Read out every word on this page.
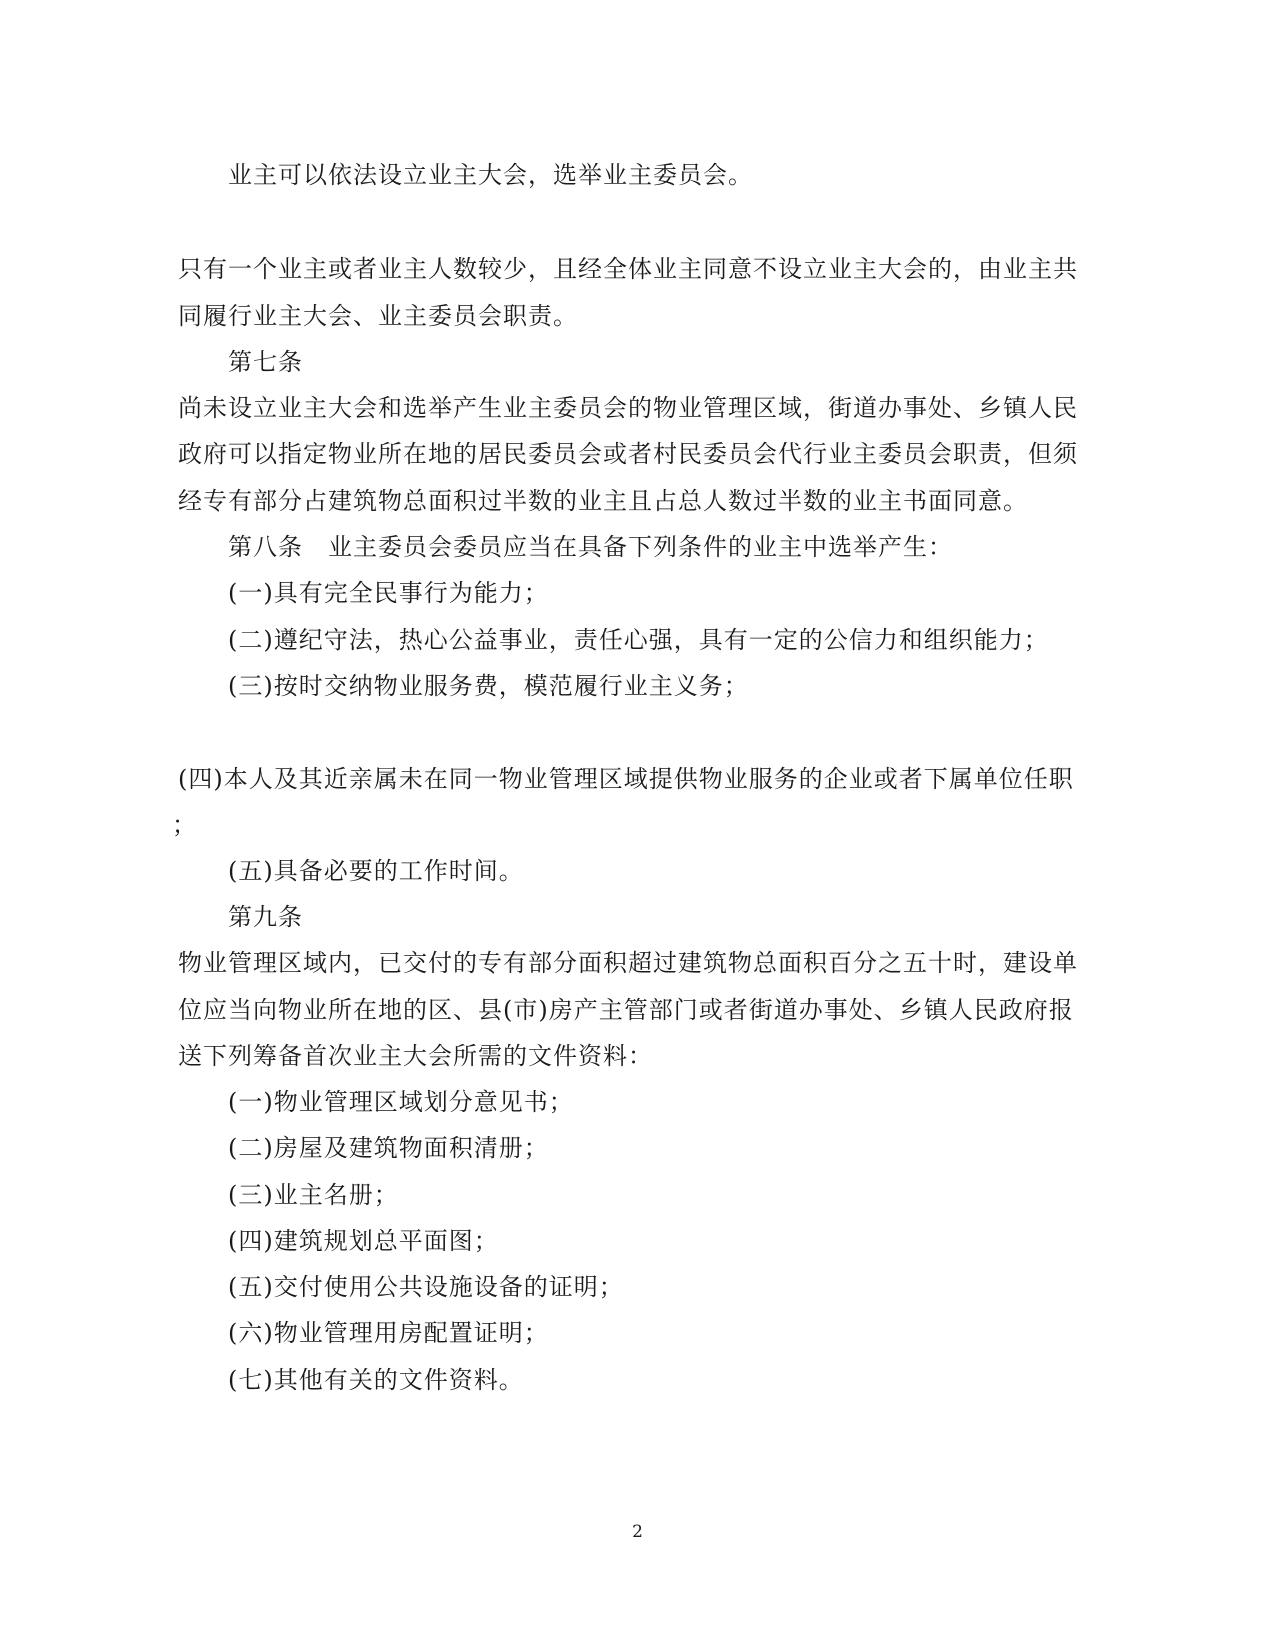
业主可以依法设立业主大会，选举业主委员会。

只有一个业主或者业主人数较少，且经全体业主同意不设立业主大会的，由业主共

同履行业主大会、业主委员会职责。

第七条

尚未设立业主大会和选举产生业主委员会的物业管理区域，街道办事处、乡镇人民

政府可以指定物业所在地的居民委员会或者村民委员会代行业主委员会职责，但须

经专有部分占建筑物总面积过半数的业主且占总人数过半数的业主书面同意。

第八条　业主委员会委员应当在具备下列条件的业主中选举产生：

(一)具有完全民事行为能力；

(二)遵纪守法，热心公益事业，责任心强，具有一定的公信力和组织能力；

(三)按时交纳物业服务费，模范履行业主义务；

(四)本人及其近亲属未在同一物业管理区域提供物业服务的企业或者下属单位任职

；

(五)具备必要的工作时间。

第九条

物业管理区域内，已交付的专有部分面积超过建筑物总面积百分之五十时，建设单

位应当向物业所在地的区、县(市)房产主管部门或者街道办事处、乡镇人民政府报

送下列筹备首次业主大会所需的文件资料：

(一)物业管理区域划分意见书；

(二)房屋及建筑物面积清册；

(三)业主名册；

(四)建筑规划总平面图；

(五)交付使用公共设施设备的证明；

(六)物业管理用房配置证明；

(七)其他有关的文件资料。

2
